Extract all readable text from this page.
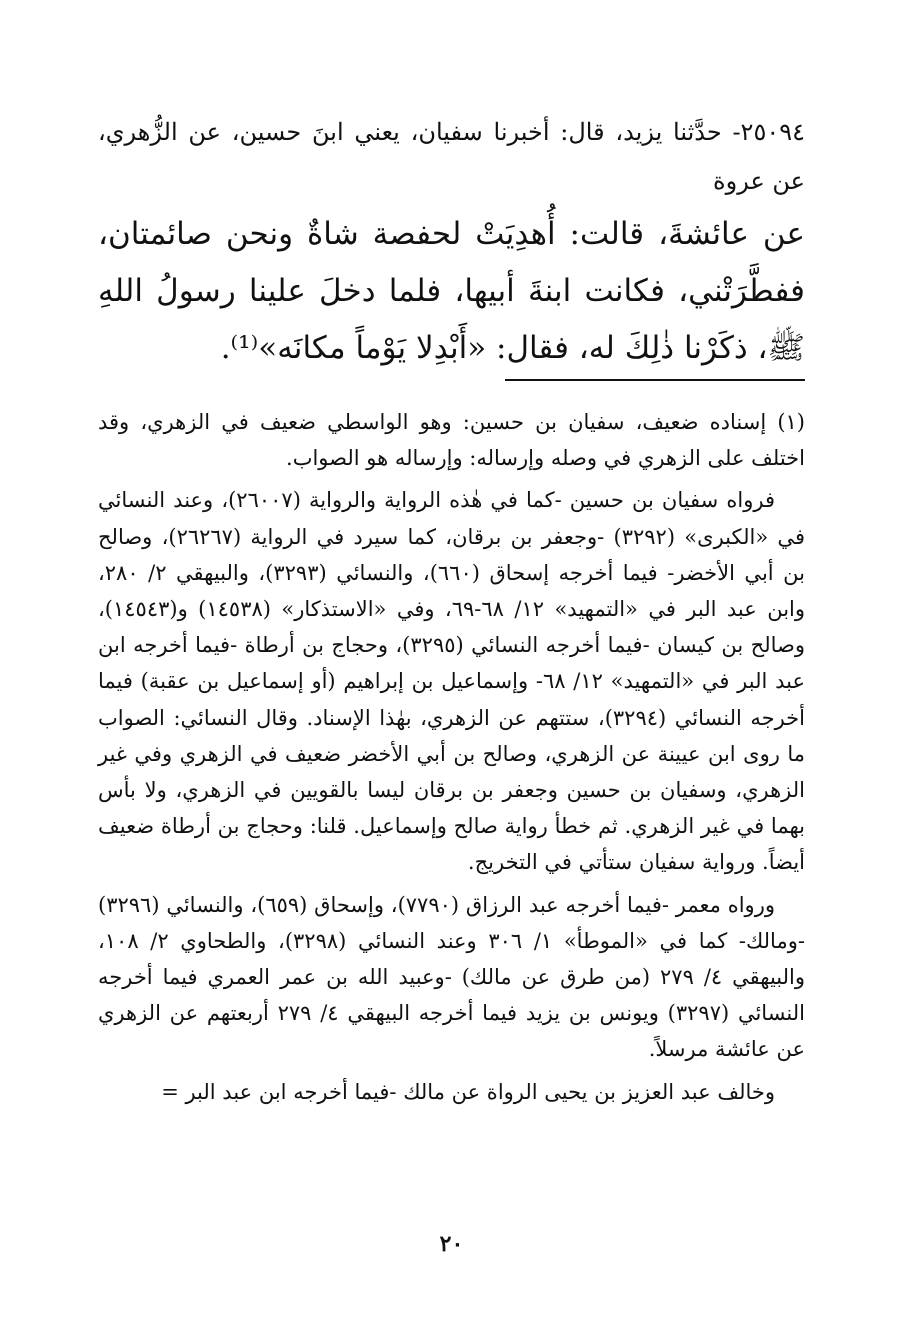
٢٥٠٩٤- حدَّثنا يزيد، قال: أخبرنا سفيان، يعني ابنَ حسين، عن الزُّهري، عن عروة
عن عائشةَ، قالت: أُهدِيَتْ لحفصة شاةٌ ونحن صائمتان، ففطَّرَتْني، فكانت ابنةَ أبيها، فلما دخلَ علينا رسولُ اللهِ ﷺ، ذكَرْنا ذٰلِكَ له، فقال: «أَبْدِلا يَوْماً مكانَه»⁽¹⁾.

(١) إسناده ضعيف، سفيان بن حسين: وهو الواسطي ضعيف في الزهري، وقد اختلف على الزهري في وصله وإرساله: وإرساله هو الصواب.

فرواه سفيان بن حسين -كما في هٰذه الرواية والرواية (٢٦٠٠٧)، وعند النسائي في «الكبرى» (٣٢٩٢) -وجعفر بن برقان، كما سيرد في الرواية (٢٦٢٦٧)، وصالح بن أبي الأخضر- فيما أخرجه إسحاق (٦٦٠)، والنسائي (٣٢٩٣)، والبيهقي ٢/ ٢٨٠، وابن عبد البر في «التمهيد» ١٢/ ٦٨-٦٩، وفي «الاستذكار» (١٤٥٣٨) و(١٤٥٤٣)، وصالح بن كيسان -فيما أخرجه النسائي (٣٢٩٥)، وحجاج بن أرطاة -فيما أخرجه ابن عبد البر في «التمهيد» ١٢/ ٦٨- وإسماعيل بن إبراهيم (أو إسماعيل بن عقبة) فيما أخرجه النسائي (٣٢٩٤)، ستتهم عن الزهري، بهٰذا الإسناد. وقال النسائي: الصواب ما روى ابن عيينة عن الزهري، وصالح بن أبي الأخضر ضعيف في الزهري وفي غير الزهري، وسفيان بن حسين وجعفر بن برقان ليسا بالقويين في الزهري، ولا بأس بهما في غير الزهري. ثم خطأ رواية صالح وإسماعيل. قلنا: وحجاج بن أرطاة ضعيف أيضاً. ورواية سفيان ستأتي في التخريج.

ورواه معمر -فيما أخرجه عبد الرزاق (٧٧٩٠)، وإسحاق (٦٥٩)، والنسائي (٣٢٩٦) -ومالك- كما في «الموطأ» ١/ ٣٠٦ وعند النسائي (٣٢٩٨)، والطحاوي ٢/ ١٠٨، والبيهقي ٤/ ٢٧٩ (من طرق عن مالك) -وعبيد الله بن عمر العمري فيما أخرجه النسائي (٣٢٩٧) ويونس بن يزيد فيما أخرجه البيهقي ٤/ ٢٧٩ أربعتهم عن الزهري عن عائشة مرسلاً.

وخالف عبد العزيز بن يحيى الرواة عن مالك -فيما أخرجه ابن عبد البر =

٢٠
